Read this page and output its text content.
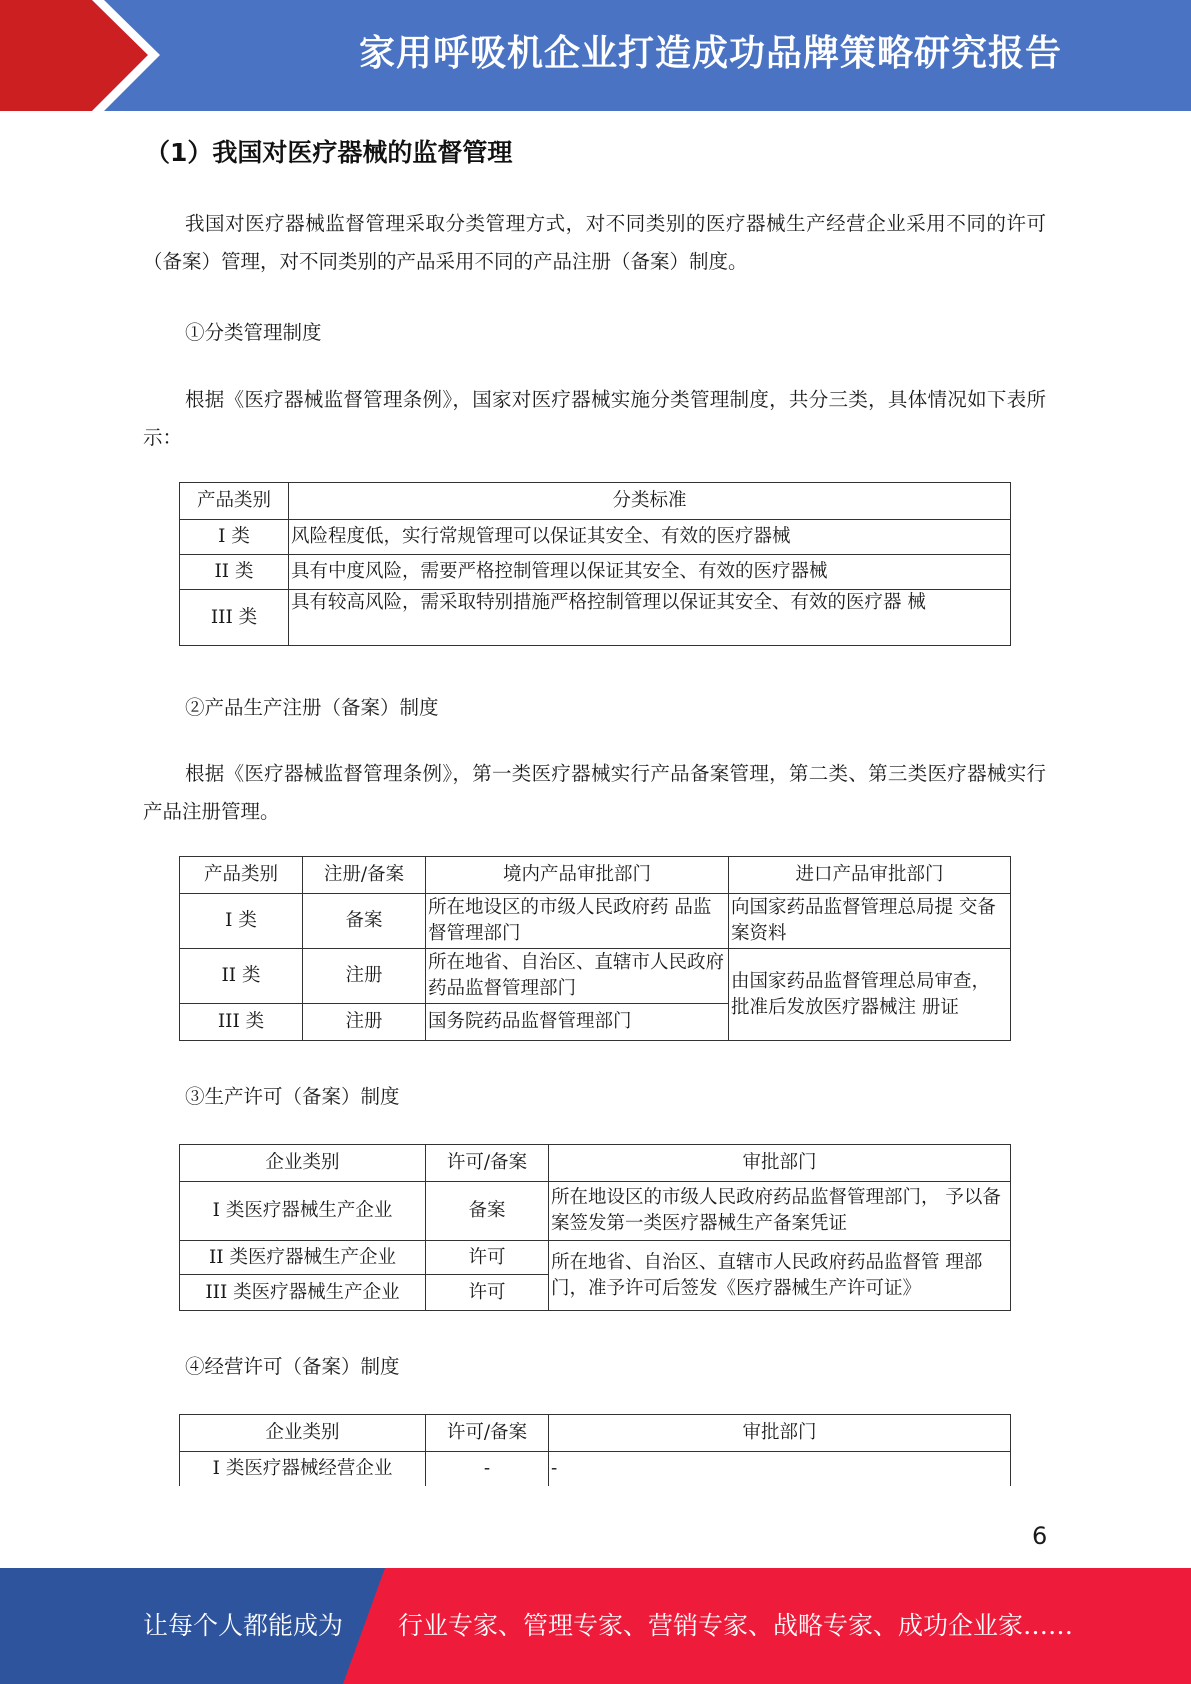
家用呼吸机企业打造成功品牌策略研究报告
（1）我国对医疗器械的监督管理
我国对医疗器械监督管理采取分类管理方式，对不同类别的医疗器械生产经营企业采用不同的许可（备案）管理，对不同类别的产品采用不同的产品注册（备案）制度。
①分类管理制度
根据《医疗器械监督管理条例》，国家对医疗器械实施分类管理制度，共分三类，具体情况如下表所示：
产品类别	分类标准
I 类	风险程度低，实行常规管理可以保证其安全、有效的医疗器械
II 类	具有中度风险，需要严格控制管理以保证其安全、有效的医疗器械
III 类	具有较高风险，需采取特别措施严格控制管理以保证其安全、有效的医疗器 械
②产品生产注册（备案）制度
根据《医疗器械监督管理条例》，第一类医疗器械实行产品备案管理，第二类、第三类医疗器械实行产品注册管理。
产品类别	注册/备案	境内产品审批部门	进口产品审批部门
I 类	备案	所在地设区的市级人民政府药 品监督管理部门	向国家药品监督管理总局提 交备案资料
II 类	注册	所在地省、自治区、直辖市人民政府药品监督管理部门	由国家药品监督管理总局审查，批准后发放医疗器械注 册证
III 类	注册	国务院药品监督管理部门	
③生产许可（备案）制度
企业类别	许可/备案	审批部门
I 类医疗器械生产企业	备案	所在地设区的市级人民政府药品监督管理部门， 予以备案签发第一类医疗器械生产备案凭证
II 类医疗器械生产企业	许可	所在地省、自治区、直辖市人民政府药品监督管 理部门，准予许可后签发《医疗器械生产许可证》
III 类医疗器械生产企业	许可	
④经营许可（备案）制度
企业类别	许可/备案	审批部门
I 类医疗器械经营企业	-	-
6
让每个人都能成为 行业专家、管理专家、营销专家、战略专家、成功企业家……
